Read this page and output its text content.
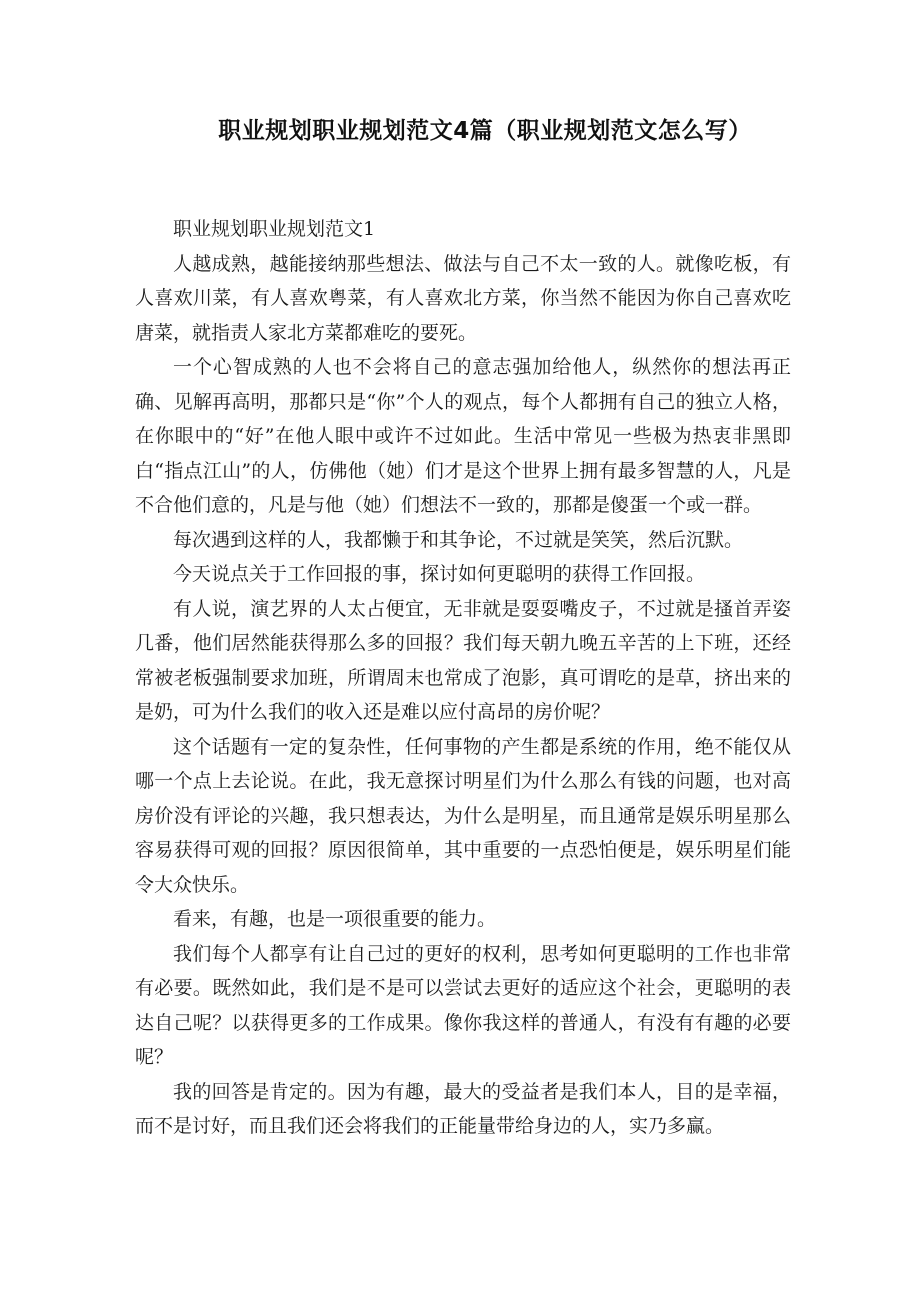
职业规划职业规划范文4篇（职业规划范文怎么写）

职业规划职业规划范文1

人越成熟，越能接纳那些想法、做法与自己不太一致的人。就像吃板，有人喜欢川菜，有人喜欢粤菜，有人喜欢北方菜，你当然不能因为你自己喜欢吃唐菜，就指责人家北方菜都难吃的要死。

一个心智成熟的人也不会将自己的意志强加给他人，纵然你的想法再正确、见解再高明，那都只是“你”个人的观点，每个人都拥有自己的独立人格，在你眼中的“好”在他人眼中或许不过如此。生活中常见一些极为热衷非黑即白“指点江山”的人，仿佛他（她）们才是这个世界上拥有最多智慧的人，凡是不合他们意的，凡是与他（她）们想法不一致的，那都是傻蛋一个或一群。

每次遇到这样的人，我都懒于和其争论，不过就是笑笑，然后沉默。

今天说点关于工作回报的事，探讨如何更聪明的获得工作回报。

有人说，演艺界的人太占便宜，无非就是耍耍嘴皮子，不过就是搔首弄姿几番，他们居然能获得那么多的回报？我们每天朝九晚五辛苦的上下班，还经常被老板强制要求加班，所谓周末也常成了泡影，真可谓吃的是草，挤出来的是奶，可为什么我们的收入还是难以应付高昂的房价呢？

这个话题有一定的复杂性，任何事物的产生都是系统的作用，绝不能仅从哪一个点上去论说。在此，我无意探讨明星们为什么那么有钱的问题，也对高房价没有评论的兴趣，我只想表达，为什么是明星，而且通常是娱乐明星那么容易获得可观的回报？原因很简单，其中重要的一点恐怕便是，娱乐明星们能令大众快乐。

看来，有趣，也是一项很重要的能力。

我们每个人都享有让自己过的更好的权利，思考如何更聪明的工作也非常有必要。既然如此，我们是不是可以尝试去更好的适应这个社会，更聪明的表达自己呢？以获得更多的工作成果。像你我这样的普通人，有没有有趣的必要呢？

我的回答是肯定的。因为有趣，最大的受益者是我们本人，目的是幸福，而不是讨好，而且我们还会将我们的正能量带给身边的人，实乃多赢。
